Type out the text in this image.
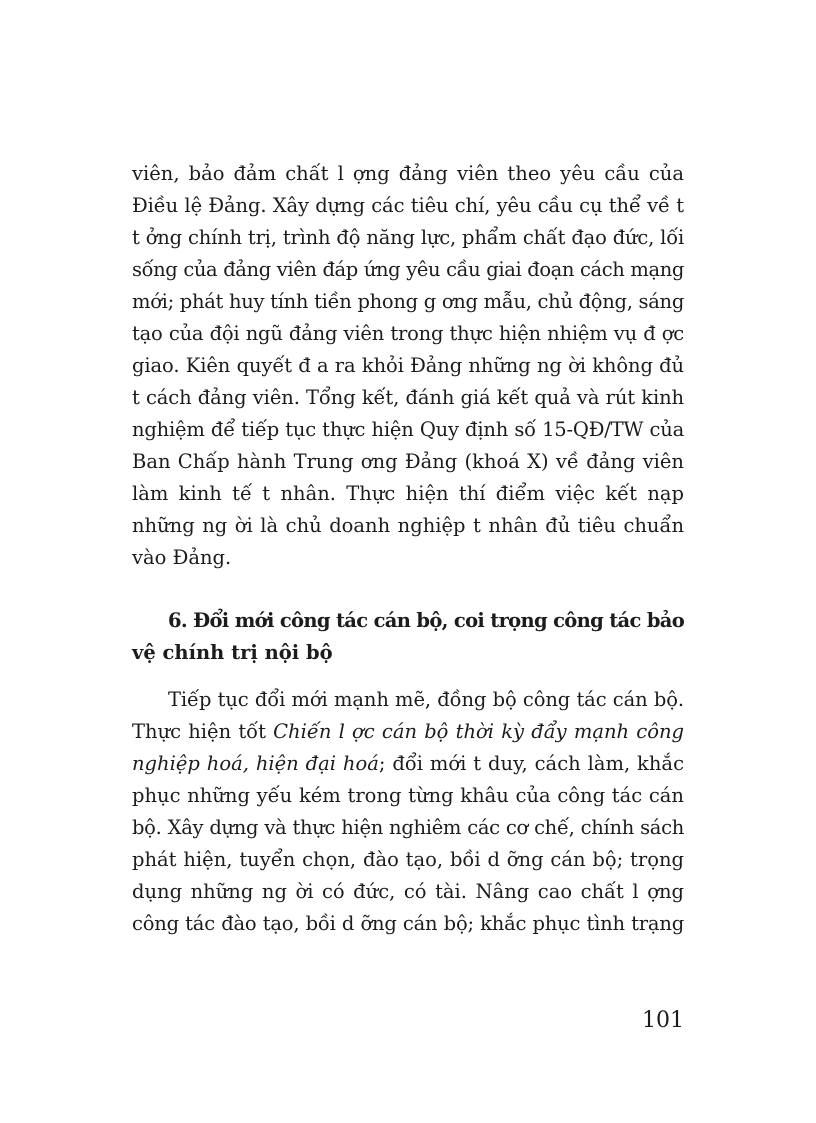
viên, bảo đảm chất l ợng đảng viên theo yêu cầu của
Điều lệ Đảng. Xây dựng các tiêu chí, yêu cầu cụ thể về t
t ởng chính trị, trình độ năng lực, phẩm chất đạo đức, lối
sống của đảng viên đáp ứng yêu cầu giai đoạn cách mạng
mới; phát huy tính tiền phong g ơng mẫu, chủ động, sáng
tạo của đội ngũ đảng viên trong thực hiện nhiệm vụ đ ợc
giao. Kiên quyết đ a ra khỏi Đảng những ng ời không đủ
t cách đảng viên. Tổng kết, đánh giá kết quả và rút kinh
nghiệm để tiếp tục thực hiện Quy định số 15-QĐ/TW của
Ban Chấp hành Trung ơng Đảng (khoá X) về đảng viên
làm kinh tế t nhân. Thực hiện thí điểm việc kết nạp
những ng ời là chủ doanh nghiệp t nhân đủ tiêu chuẩn
vào Đảng.
6. Đổi mới công tác cán bộ, coi trọng công tác bảo
vệ chính trị nội bộ
Tiếp tục đổi mới mạnh mẽ, đồng bộ công tác cán bộ.
Thực hiện tốt Chiến l ợc cán bộ thời kỳ đẩy mạnh công
nghiệp hoá, hiện đại hoá; đổi mới t duy, cách làm, khắc
phục những yếu kém trong từng khâu của công tác cán
bộ. Xây dựng và thực hiện nghiêm các cơ chế, chính sách
phát hiện, tuyển chọn, đào tạo, bồi d ỡng cán bộ; trọng
dụng những ng ời có đức, có tài. Nâng cao chất l ợng
công tác đào tạo, bồi d ỡng cán bộ; khắc phục tình trạng
101
